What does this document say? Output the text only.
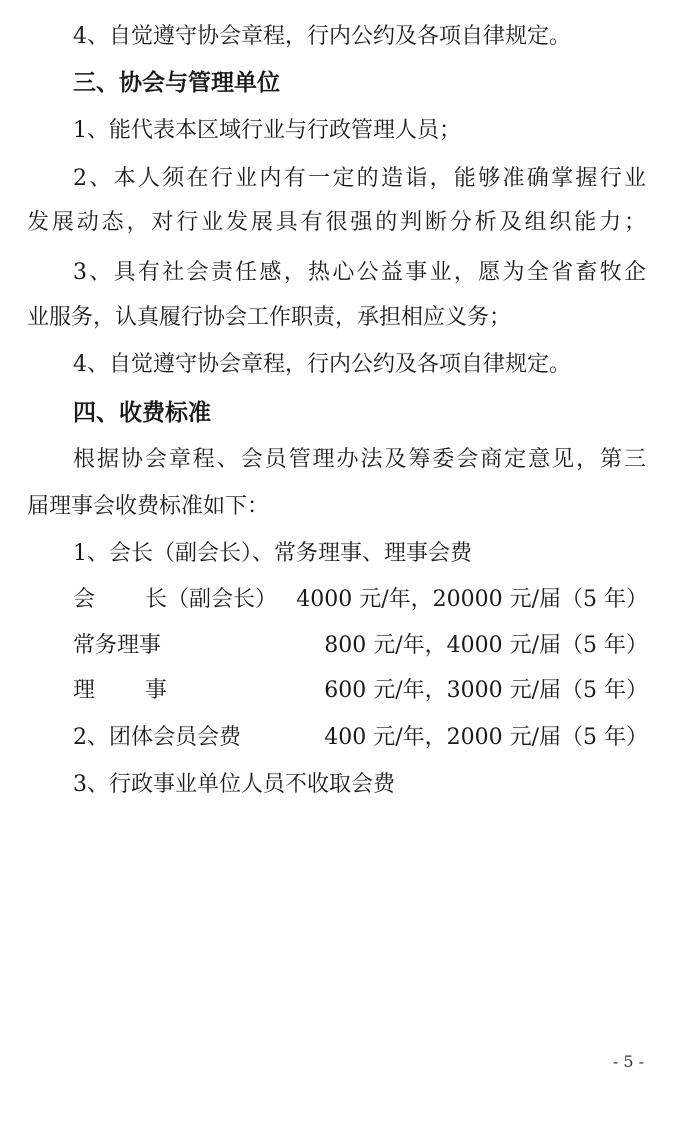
4、自觉遵守协会章程，行内公约及各项自律规定。
三、协会与管理单位
1、能代表本区域行业与行政管理人员；
2、本人须在行业内有一定的造诣，能够准确掌握行业
发展动态，对行业发展具有很强的判断分析及组织能力；
3、具有社会责任感，热心公益事业，愿为全省畜牧企
业服务，认真履行协会工作职责，承担相应义务；
4、自觉遵守协会章程，行内公约及各项自律规定。
四、收费标准
根据协会章程、会员管理办法及筹委会商定意见，第三
届理事会收费标准如下：
1、会长（副会长）、常务理事、理事会费
会 长（副会长） 4000 元/年，20000 元/届（5 年）
常务理事	800 元/年，4000 元/届（5 年）
理 事	600 元/年，3000 元/届（5 年）
2、团体会员会费	400 元/年，2000 元/届（5 年）
3、行政事业单位人员不收取会费
- 5 -
